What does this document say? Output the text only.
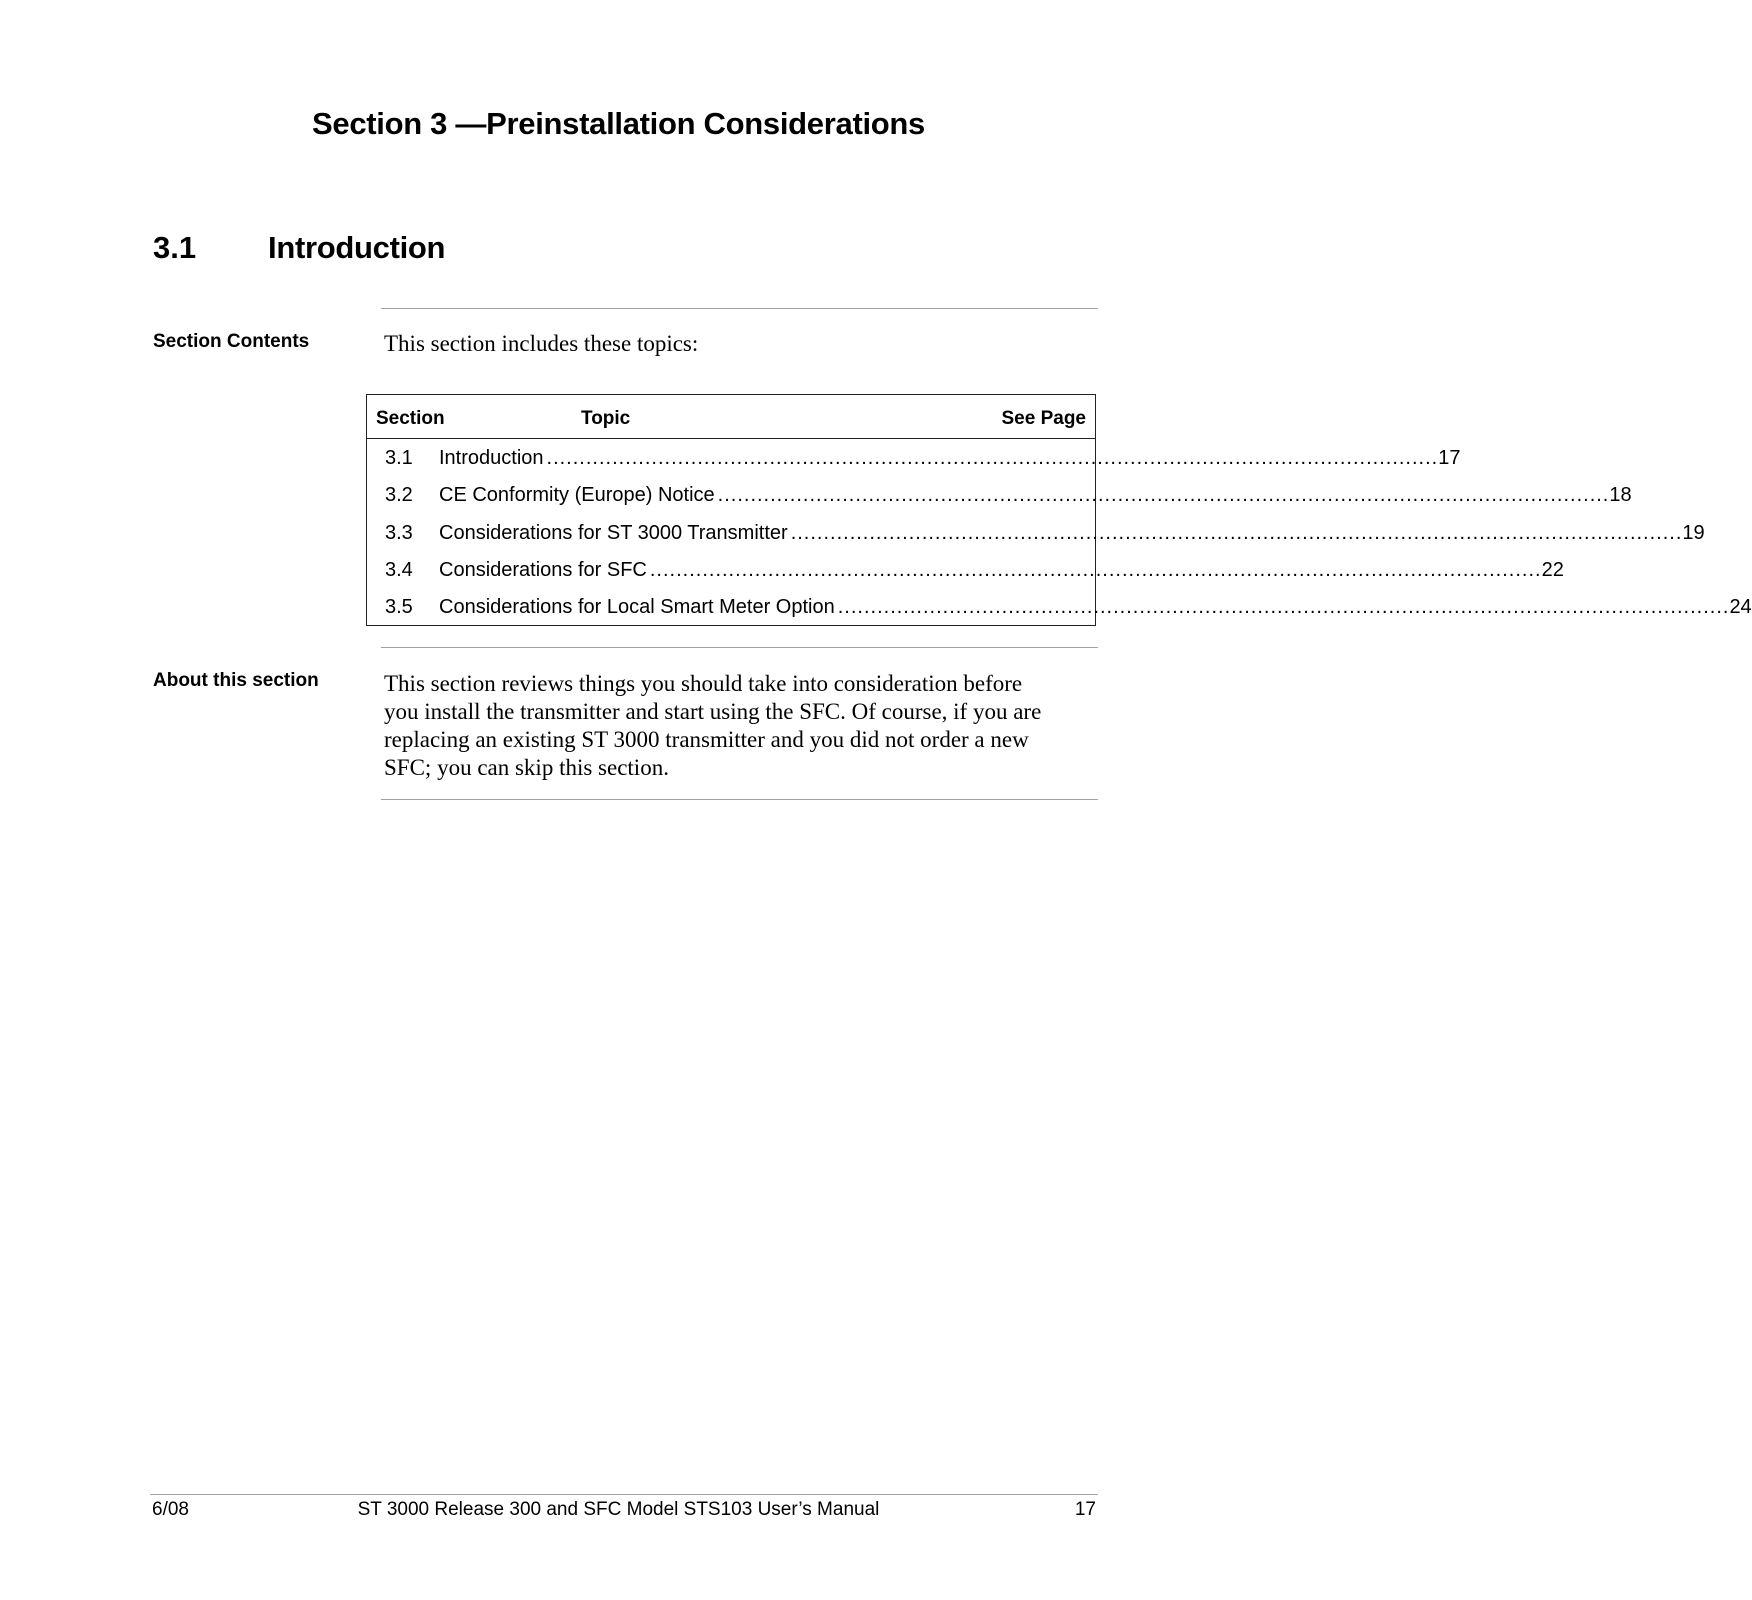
Section 3 —Preinstallation Considerations
3.1 Introduction
Section Contents	This section includes these topics:
Section	Topic	See Page
3.1 Introduction ........................................................................................................................................ 17
3.2 CE Conformity (Europe) Notice ........................................................................................................................................ 18
3.3 Considerations for ST 3000 Transmitter ........................................................................................................................................ 19
3.4 Considerations for SFC ........................................................................................................................................ 22
3.5 Considerations for Local Smart Meter Option ........................................................................................................................................ 24
About this section	This section reviews things you should take into consideration before
you install the transmitter and start using the SFC. Of course, if you are
replacing an existing ST 3000 transmitter and you did not order a new
SFC; you can skip this section.
6/08	ST 3000 Release 300 and SFC Model STS103 User’s Manual	17
